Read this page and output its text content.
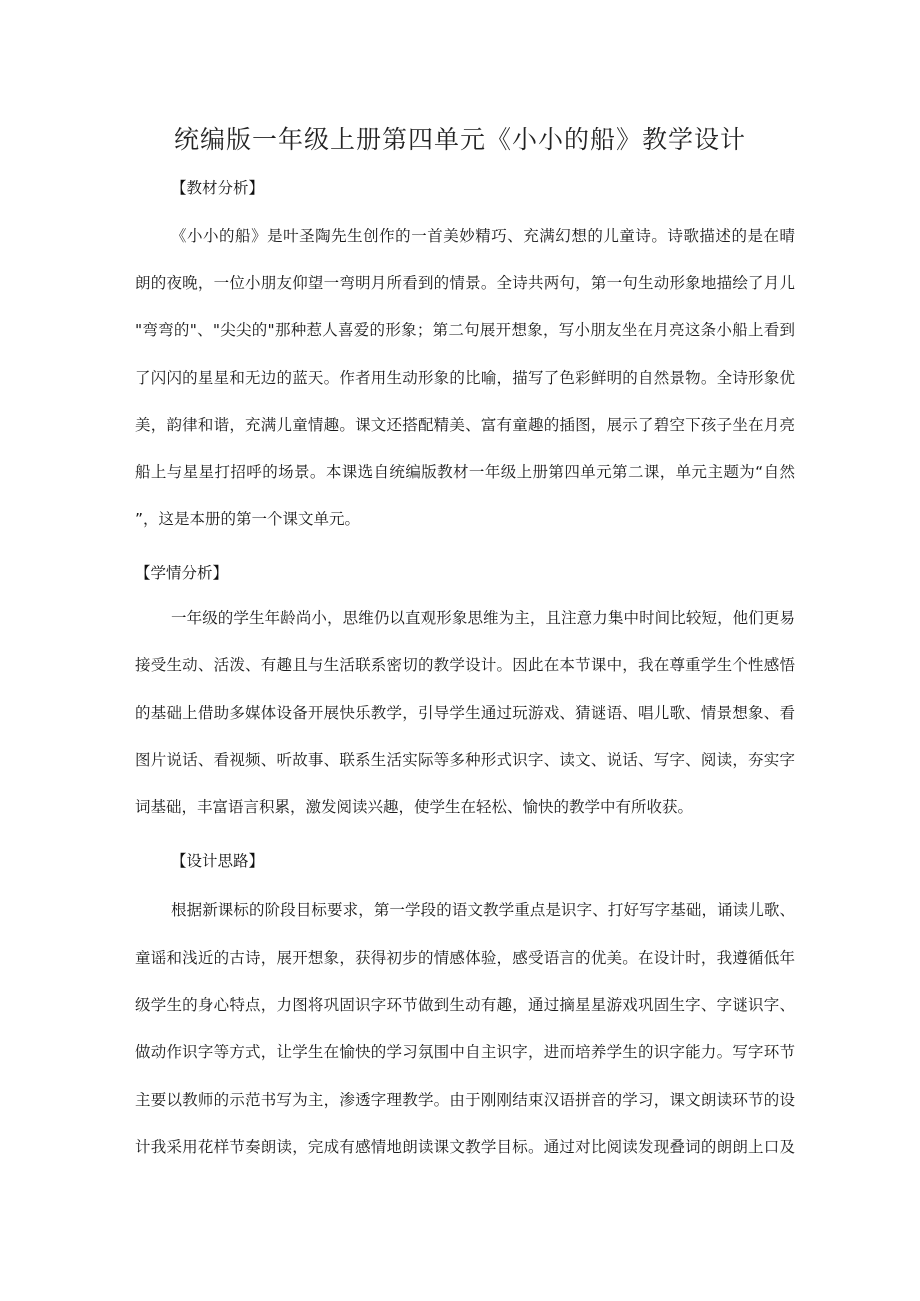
统编版一年级上册第四单元《小小的船》教学设计
【教材分析】
《小小的船》是叶圣陶先生创作的一首美妙精巧、充满幻想的儿童诗。诗歌描述的是在晴
朗的夜晚，一位小朋友仰望一弯明月所看到的情景。全诗共两句，第一句生动形象地描绘了月儿
"弯弯的"、"尖尖的"那种惹人喜爱的形象；第二句展开想象，写小朋友坐在月亮这条小船上看到
了闪闪的星星和无边的蓝天。作者用生动形象的比喻，描写了色彩鲜明的自然景物。全诗形象优
美，韵律和谐，充满儿童情趣。课文还搭配精美、富有童趣的插图，展示了碧空下孩子坐在月亮
船上与星星打招呼的场景。本课选自统编版教材一年级上册第四单元第二课，单元主题为“自然
”，这是本册的第一个课文单元。
【学情分析】
一年级的学生年龄尚小，思维仍以直观形象思维为主，且注意力集中时间比较短，他们更易
接受生动、活泼、有趣且与生活联系密切的教学设计。因此在本节课中，我在尊重学生个性感悟
的基础上借助多媒体设备开展快乐教学，引导学生通过玩游戏、猜谜语、唱儿歌、情景想象、看
图片说话、看视频、听故事、联系生活实际等多种形式识字、读文、说话、写字、阅读，夯实字
词基础，丰富语言积累，激发阅读兴趣，使学生在轻松、愉快的教学中有所收获。
【设计思路】
根据新课标的阶段目标要求，第一学段的语文教学重点是识字、打好写字基础，诵读儿歌、
童谣和浅近的古诗，展开想象，获得初步的情感体验，感受语言的优美。在设计时，我遵循低年
级学生的身心特点，力图将巩固识字环节做到生动有趣，通过摘星星游戏巩固生字、字谜识字、
做动作识字等方式，让学生在愉快的学习氛围中自主识字，进而培养学生的识字能力。写字环节
主要以教师的示范书写为主，渗透字理教学。由于刚刚结束汉语拼音的学习，课文朗读环节的设
计我采用花样节奏朗读，完成有感情地朗读课文教学目标。通过对比阅读发现叠词的朗朗上口及
